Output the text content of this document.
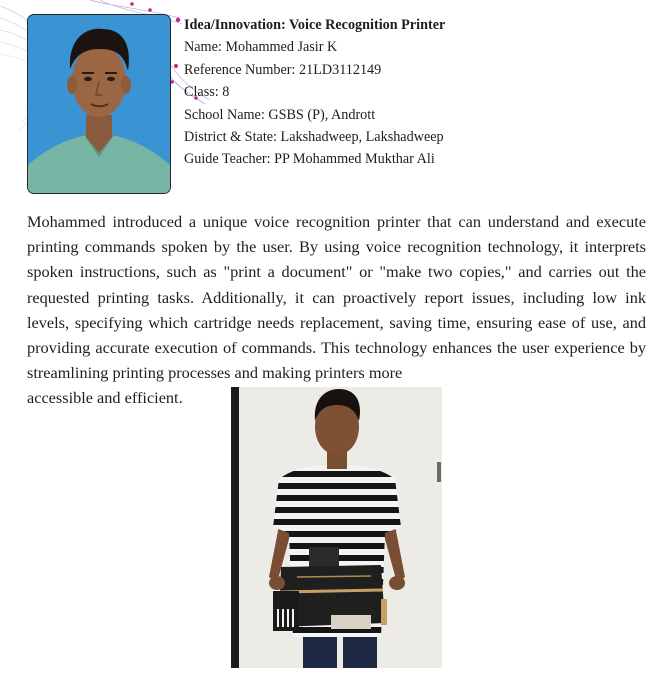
Idea/Innovation: Voice Recognition Printer
Name: Mohammed Jasir K
Reference Number: 21LD3112149
Class: 8
School Name: GSBS (P), Andrott
District & State: Lakshadweep, Lakshadweep
Guide Teacher: PP Mohammed Mukthar Ali
Mohammed introduced a unique voice recognition printer that can understand and execute printing commands spoken by the user. By using voice recognition technology, it interprets spoken instructions, such as "print a document" or "make two copies," and carries out the requested printing tasks. Additionally, it can proactively report issues, including low ink levels, specifying which cartridge needs replacement, saving time, ensuring ease of use, and providing accurate execution of commands. This technology enhances the user experience by streamlining printing processes and making printers more
accessible and efficient.
